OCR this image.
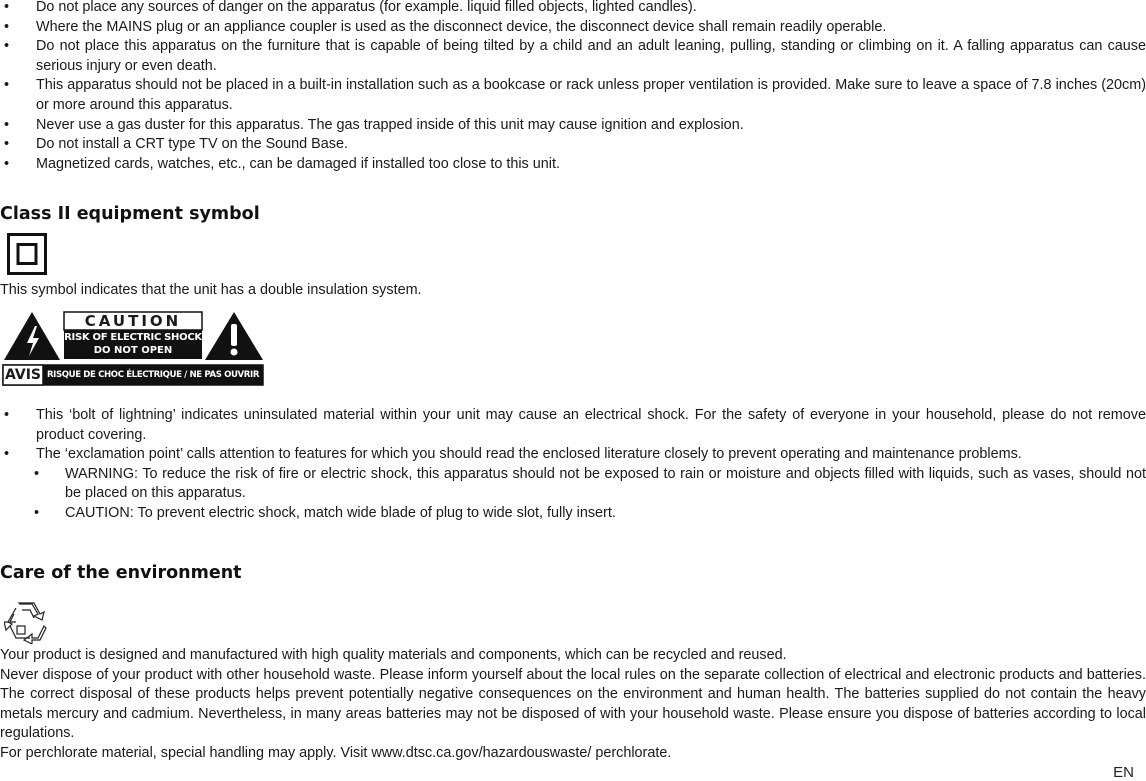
• Do not place any sources of danger on the apparatus (for example. liquid filled objects, lighted candles).
• Where the MAINS plug or an appliance coupler is used as the disconnect device, the disconnect device shall remain readily operable.
• Do not place this apparatus on the furniture that is capable of being tilted by a child and an adult leaning, pulling, standing or climbing on it. A falling apparatus can cause serious injury or even death.
• This apparatus should not be placed in a built-in installation such as a bookcase or rack unless proper ventilation is provided. Make sure to leave a space of 7.8 inches (20cm) or more around this apparatus.
• Never use a gas duster for this apparatus. The gas trapped inside of this unit may cause ignition and explosion.
• Do not install a CRT type TV on the Sound Base.
• Magnetized cards, watches, etc., can be damaged if installed too close to this unit.
Class II equipment symbol
This symbol indicates that the unit has a double insulation system.
CAUTION
RISK OF ELECTRIC SHOCK
DO NOT OPEN
AVIS RISQUE DE CHOC ÉLECTRIQUE / NE PAS OUVRIR
• This ‘bolt of lightning’ indicates uninsulated material within your unit may cause an electrical shock. For the safety of everyone in your household, please do not remove product covering.
• The ‘exclamation point’ calls attention to features for which you should read the enclosed literature closely to prevent operating and maintenance problems.
• WARNING: To reduce the risk of fire or electric shock, this apparatus should not be exposed to rain or moisture and objects filled with liquids, such as vases, should not be placed on this apparatus.
• CAUTION: To prevent electric shock, match wide blade of plug to wide slot, fully insert.
Care of the environment
Your product is designed and manufactured with high quality materials and components, which can be recycled and reused.
Never dispose of your product with other household waste. Please inform yourself about the local rules on the separate collection of electrical and electronic products and batteries. The correct disposal of these products helps prevent potentially negative consequences on the environment and human health. The batteries supplied do not contain the heavy metals mercury and cadmium. Nevertheless, in many areas batteries may not be disposed of with your household waste. Please ensure you dispose of batteries according to local regulations.
For perchlorate material, special handling may apply. Visit www.dtsc.ca.gov/hazardouswaste/ perchlorate.
EN
